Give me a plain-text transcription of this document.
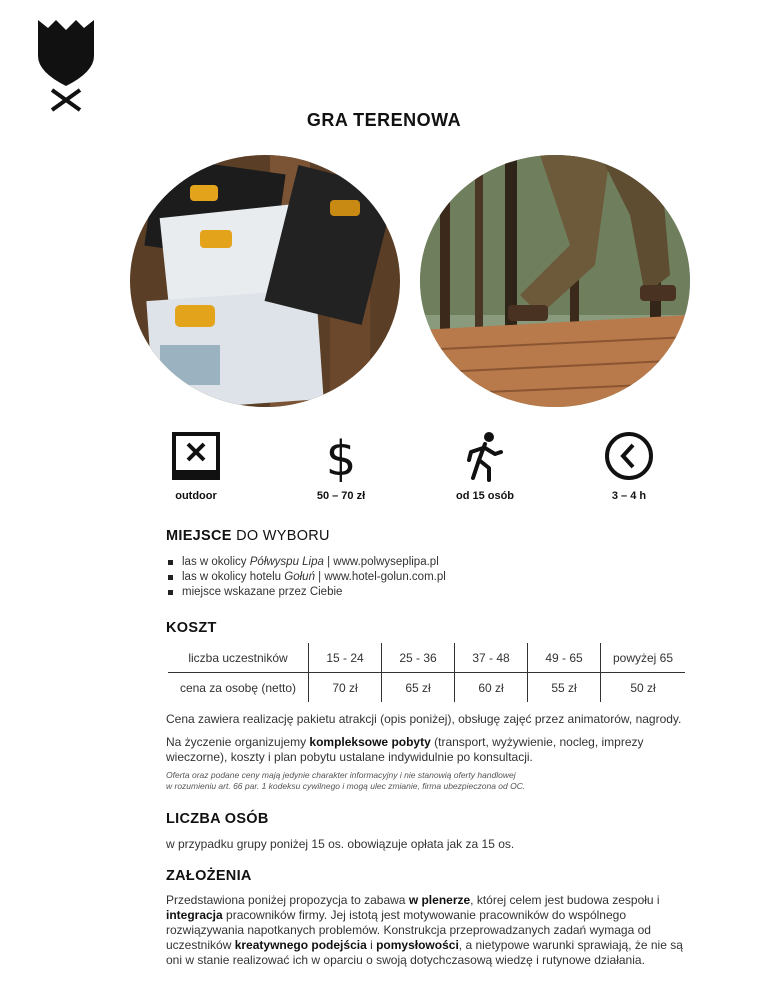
GRA TERENOWA
$
outdoor	50 – 70 zł	od 15 osób	3 – 4 h
MIEJSCE DO WYBORU
las w okolicy Półwyspu Lipa | www.polwyseplipa.pl
las w okolicy hotelu Gołuń | www.hotel-golun.com.pl
miejsce wskazane przez Ciebie
KOSZT
liczba uczestników	15 - 24	25 - 36	37 - 48	49 - 65	powyżej 65
cena za osobę (netto)	70 zł	65 zł	60 zł	55 zł	50 zł
Cena zawiera realizację pakietu atrakcji (opis poniżej), obsługę zajęć przez animatorów, nagrody.
Na życzenie organizujemy kompleksowe pobyty (transport, wyżywienie, nocleg, imprezy wieczorne), koszty i plan pobytu ustalane indywidulnie po konsultacji.
Oferta oraz podane ceny mają jedynie charakter informacyjny i nie stanowią oferty handlowej
w rozumieniu art. 66 par. 1 kodeksu cywilnego i mogą ulec zmianie, firma ubezpieczona od OC.
LICZBA OSÓB
w przypadku grupy poniżej 15 os. obowiązuje opłata jak za 15 os.
ZAŁOŻENIA
Przedstawiona poniżej propozycja to zabawa w plenerze, której celem jest budowa zespołu i integracja pracowników firmy. Jej istotą jest motywowanie pracowników do wspólnego rozwiązywania napotkanych problemów. Konstrukcja przeprowadzanych zadań wymaga od uczestników kreatywnego podejścia i pomysłowości, a nietypowe warunki sprawiają, że nie są oni w stanie realizować ich w oparciu o swoją dotychczasową wiedzę i rutynowe działania.
